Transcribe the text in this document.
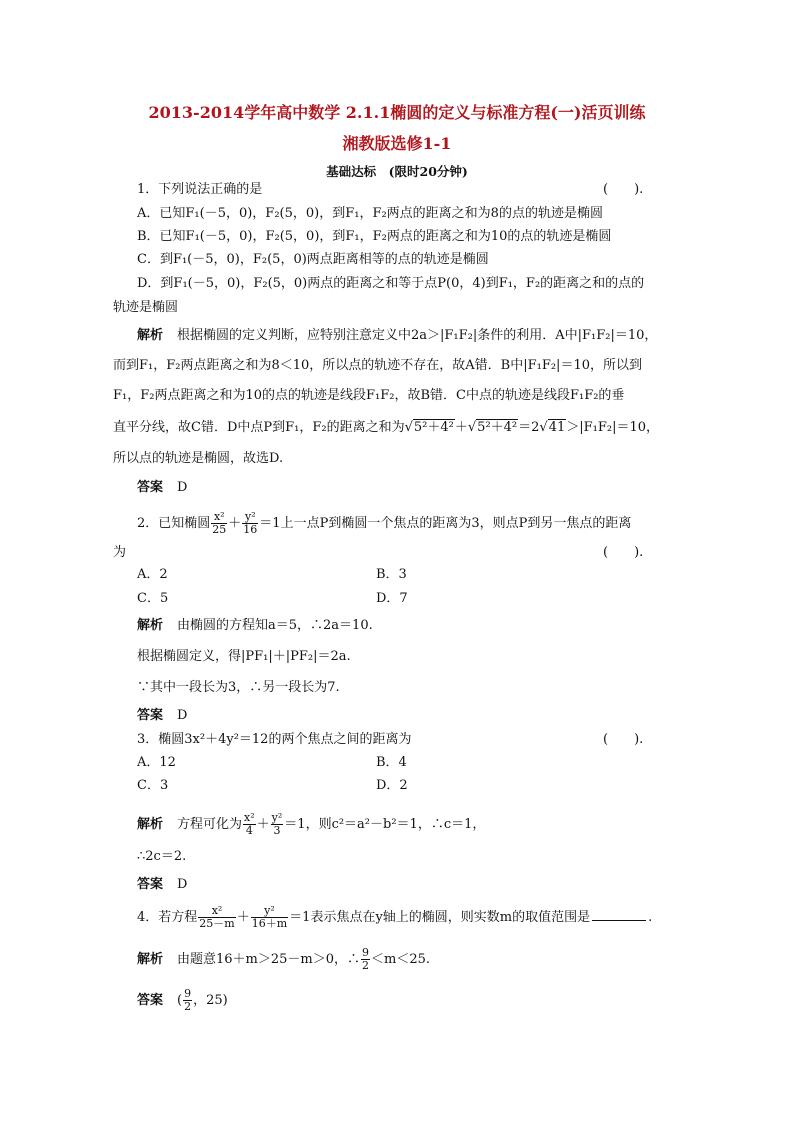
2013-2014学年高中数学 2.1.1椭圆的定义与标准方程(一)活页训练
湘教版选修1-1
基础达标　(限时20分钟)
1．下列说法正确的是	(　　).
A．已知F₁(－5，0)，F₂(5，0)，到F₁，F₂两点的距离之和为8的点的轨迹是椭圆
B．已知F₁(－5，0)，F₂(5，0)，到F₁，F₂两点的距离之和为10的点的轨迹是椭圆
C．到F₁(－5，0)，F₂(5，0)两点距离相等的点的轨迹是椭圆
D．到F₁(－5，0)，F₂(5，0)两点的距离之和等于点P(0，4)到F₁，F₂的距离之和的点的
轨迹是椭圆
解析 根据椭圆的定义判断，应特别注意定义中2a＞|F₁F₂|条件的利用．A中|F₁F₂|＝10，
而到F₁，F₂两点距离之和为8＜10，所以点的轨迹不存在，故A错．B中|F₁F₂|＝10，所以到
F₁，F₂两点距离之和为10的点的轨迹是线段F₁F₂，故B错．C中点的轨迹是线段F₁F₂的垂
直平分线，故C错．D中点P到F₁，F₂的距离之和为√5²＋4²＋√5²＋4²＝2√41＞|F₁F₂|＝10，
所以点的轨迹是椭圆，故选D.
答案 D
2．已知椭圆 $\frac{\text{x²}}{25} + \frac{\text{y²}}{16} =1$上一点P到椭圆一个焦点的距离为3，则点P到另一焦点的距离
为	(　　).
A．2	B．3
C．5	D．7
解析 由椭圆的方程知a＝5，∴2a＝10.
根据椭圆定义，得|PF₁|＋|PF₂|＝2a.
∵其中一段长为3，∴另一段长为7.
答案 D
3．椭圆3x²＋4y²＝12的两个焦点之间的距离为	(　　).
A．12	B．4
C．3	D．2
解析 方程可化为 $\frac{\text{x²}}{4} + \frac{\text{y²}}{3} =1$，则c²＝a²－b²＝1，∴c＝1，
∴2c＝2.
答案 D
4．若方程 $\frac{\text{x²}}{25-m} + \frac{\text{y²}}{16+m} =1$表示焦点在y轴上的椭圆，则实数m的取值范围是	.
解析 由题意16＋m＞25－m＞0，∴ $\frac{9}{2} <m<25$.
答案 ( $\frac{9}{2}$ ，25)
